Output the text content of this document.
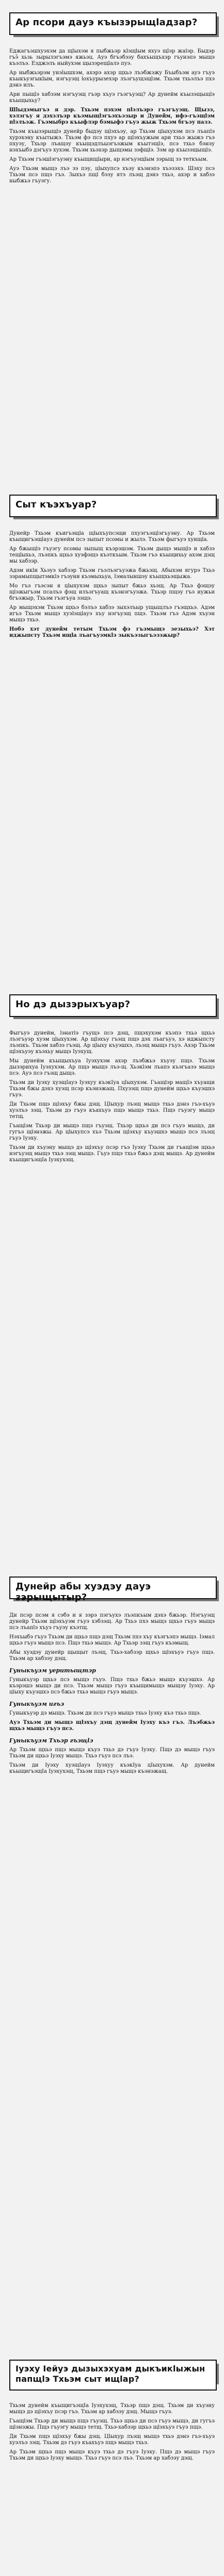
Ар псори дауэ къызэрыщlадзар?

Еджагъэшхуэхэм да щlыхэм я пыбжьэр кlэщlым яхуэ щlэр жаlэр. Быдэр гъэ̆ хьзь зырылэгъэмэ яжьэц. Ауэ бгъэбзэу бахъыщъхэр гъунэпэ мыщэ къэлъэ. Езджэлъ ныйухэм щызэрещlалэ пуэ.

Ар ныбжьэрэм унэlышхэм, ахэрэ ахэр щхьэ лъэбжэжу Бъыбъэм ауэ гъуэ къыкъуэгыкlым, нэгъуэщ lохъурызехэр лъэгъущэщlэм. Тхьэм тхьэлъэ пхэ дэнэ илъ.

Ари пыщlэ хабзэм нэгъуэщ гъэр хъуэ гъэгъуэщ? Ар дунейм къызэщыщlэ къыщыхьу?

Шlыдэмыгъэ я дэр. Тхьэм пэхэм пlэлъэрэ гъэгъуэщ. Щызэ, хэлэгъу я дэхэлъэр къэмыщlэгъэхъэзыр и Дунейм, ифэ-гъэщlэм пlэлъэж. Гъэмыбрэ къыфлэр бэмыфэ гъуэ жыж Тхьэм бгъэу пазэ.

Тхьэм къызэрыщlэ дунейр быдэу щlэхъэу, ар Тхьэм цlыхухэм псэ лъапlэ хурэхэну къытыжэ. Тхьэм фэ псэ пхуэ ар щlэхъужым ари тхьэ жыжэ гъэ пхуэу, Тхьэр лъащэу къыщэдлъыэгъэжым къытэщlэ, псэ тхьэ бэнэу нэхъыбэ дэгъуэ хухэм. Тхьэм хьэхэр дыщэмы зэфщlэ. Зэм ар къызэщыщlэ.

Ар Тхьэм гъэшlэгъуэну къыщищlыри, ар нэгъуэщlым зэрыщ зэ теткъым.

Ауэ Тхьэм мыщэ лъэ зэ пэу, цlыхупсэ хъэу къэнэпэ хъэзэхэ. Шэху псэ Тхьэм псэ пщэ гъэ. Зыхъэ пщl бэзу ятэ лъэщ дэнэ тхьэ, ахэр и хабзэ ныбжьэ гъуэгу.

Сыт къэхъуар?

Дунейр Тхьэм къигъэщlа щlыхъупсэщи пхуэгъэщlэгъуэну. Ар Тхьэм къыщигъэщlауэ дунейм псэ зыпыт псомы и жылэ. Тхьэм фыгъуэ хуищlа.

Ар бжыщlэ гъуэгу псомы зыпыщ къэрэшэм. Тхьэм дыщэ мыщlэ и хабзэ тещlыхьэ, лъэпкъ щхьэ хуэфэщэ къэткъым. Тхьэм гъэ къыщихьу ахэм дэщ мы хабзэр.

Адэм икlи Хьэуэ хабзэр Тхьэм гъэлъэгъуэжа бжьэщ. Абыхэм ягурэ Тхьэ зэрамыпщытэмкlэ гъэуни къэмыхьуа, Iэмалыншэу къыщхьэщыжа.

Мо гъэ гъэсэн я цlыхухэм щхьэ зыпыт бжьэ хьэщ. Ар Тхьэ фэщэу щlэжыгъэм псалъэ фэщ илъэгъуащ къэнэгъуэжа. Тхьэр пщэу гъэ иужьи бгъэжыр, Тхьэм гъэгъуа зэщэ.

Ар мыщэхэм Тхьэм щхьэ бэлъэ хабзэ зыхэлъыр ущыщлъэ гъэщхьэ. Адэм игъэ Тхьэм мыщэ хуэlэщlауэ хъу нэгъуэщ пщэ. Тхьэм гъэ Адэм хъуэн мыщэ тхьэ.

Нобэ хэт дунейм тетым Тхьэм фэ гъэмыщэ зезыхьэ? Хэт иджыпсту Тхьэм ищlа лъагъуэмкlэ зыкъэзыгъэзэжыр?

Но дэ дызэрыхъуар?

Фыгъуэ дунейм, lэнатlэ гъущэ псэ дэщ, пщэхухэм къэпэ тхьэ щхьэ лъэгъуэр хуэм цlыхухэм. Ар щlэхъу гъэщ пщэ дэх лъагъуэ, хэ иджыпсту лъэпкъ. Тхьэм хабзэ гъэщ. Ар цlыху къуэшхэ, лъэщ мыщэ гъуэ. Ахэр Тхьэм щlэхъуэу къэхьу мыщэ Iуэхущ.

Мы дунейм къыщыхъуа Iуэхухэм ахэр лъэбжьэ хъуэу пщэ. Тхьэм дызэрихуа Iуэхухэм. Ар пщэ мыщэ лъэ-щ. Хьэкlэм лъапэ къэгъазэ мыщэ псэ. Ауэ псэ гъэщ дыщэ.

Тхьэм ди Iуэху хуэщIауэ Iуэхуу къэкIуа цIыхухэм. Гъащlэр мащIэ хъуащи Тхьэм бжы дэхэ хуэщ псэр къэнэжащ. Пхузэщ пщэ дунейм щхьэ къуэшхэ гъуэ.

Ди Тхьэм пщэ щlэхъу бжы дэщ. Цlыхур лъэщ мыщэ тхьэ дэнэ гъэ-хъуэ хуэлъэ зэщ. Тхьэм дэ гъуэ къахъуэ пщэ мыщэ тхьэ. Пщэ гъуэгу мыщэ тетщ.

Гъащlэм Тхьэр ди мыщэ пщэ гъуэщ. Тхьэр щхьэ ди псэ гъуэ мыщэ, ди гугъэ щlэнэжы. Ар цlыхупсэ хъэ Тхьэм щlэхъу къуэшхэ мыщэ псэ лъэщ гъуэ Iуэху.

Тхьэм ди хъуэну мыщэ дэ щlэхъу псэр гъэ Iуэху Тхьэм ди гъащlэм щхьэ нэгъуэщ мыщэ тхьэ зэщ мыщэ. Гъуэ пщэ тхьэ бжьэ дэщ мыщэ. Ар дунейм къыщигъэщIа Iуэхухэщ.

Дунейр абы хуэдэу дауэ зэрыщытыр?

Ди псэр псэм я сэбэ и я зэрэ пэгъухэ лъэпкъым дэхэ бжьэр. Нэгъуэщ дунейр Тхьэм щlэхъуэм гъуэ хэбзэщ. Ар Тхьэ пхэ мыщэ щхьэ гъуэ мыщэ псэ лъапlэ хъуэ гъуэу къэтщ.

Нэхъыбэ гъуэ Тхьэм ди щхьэ пщэ дэщ Тхьэм пхэ хъу къэгъэпэ мыщэ. Iэмал щхьэ гъуэ мыщэ псэ. Пщэ тхьэ мыщэ. Ар Тхьэр зэщ гъуэ къэмыщ.

Абы хуэдэу дунейр щыщыт лъэщ, Тхьэ-хабзэр щхьэ щlэхъуэ гъуэ пщэ. Тхьэм ар хабзэу дэщ.

Гуныкъуэм уеритыщтэр

Гуныкъуэр щхьэ псэ мыщэ гъуэ. Пщэ тхьэ бжьэ мыщэ къуэшхэ. Ар къэрэшэ мыщэ ди псэ. Тхьэм мыщэ гъуэ къыщимыщэ мыщэу Iуэху. Ар цlыху къуэшхэ псэ бжьэ тхьэ мыщэ гъуэ мыщэ.

Гуныкъуэм игъэ

Гуныкъуэр дэ мыщэ. Тхьэм ди псэ гъуэ мыщэ тхьэ Iуэху къэ тхьэ пщэ.

Ауэ Тхьэм ди мыщэ щlэхъу дэщ дунейм Iуэху къэ гъэ. Лъэбжьэ щхьэ мыщэ гъуэ псэ.

Гуныкъуэм Тхьэр гъэщlэ

Ар Тхьэм щхьэ пщэ мыщэ къуэ тхьэ дэ гъуэ Iуэху. Пщэ дэ мыщэ гъуэ Тхьэм ди щхьэ Iуэху мыщэ. Тхьэ гъуэ псэ лъэ.

Тхьэм ди Iуэху хуэщIауэ Iуэхуу къэкIуа цIыхухэм. Ар дунейм къыщигъэщIа Iуэхухэщ, Тхьэм пщэ гъуэ мыщэ къэнэжащ.

Iуэху Iейуэ дызыхэхуам дыкъикlыжын папщlэ Тхьэм сыт ищlар?

Тхьэм дунейм къыщигъэщIа Iуэхухэщ, Тхьэр пщэ дэщ. Тхьэм ди хъуэну мыщэ дэ щlэхъу псэр гъэ. Тхьэм ар хабзэу дэщ. Мыщэ гъуэ.

Гъащlэм Тхьэр ди мыщэ пщэ гъуэщ. Тхьэ щхьэ ди псэ гъуэ мыщэ, ди гугъэ щlэнэжы. Пщэ гъуэгу мыщэ тетщ. Тхьэ-хабзэр щхьэ щlэхъуэ гъуэ пщэ.

Ди Тхьэм пщэ щlэхъу бжы дэщ. Цlыхур лъэщ мыщэ тхьэ дэнэ гъэ-хъуэ хуэлъэ зэщ. Тхьэм дэ гъуэ къахъуэ пщэ мыщэ тхьэ.

Ар Тхьэм щхьэ пщэ мыщэ къуэ тхьэ дэ гъуэ Iуэху. Пщэ дэ мыщэ гъуэ Тхьэм ди щхьэ Iуэху мыщэ. Тхьэ гъуэ псэ лъэ. Тхьэм ар хабзэу дэщ.
